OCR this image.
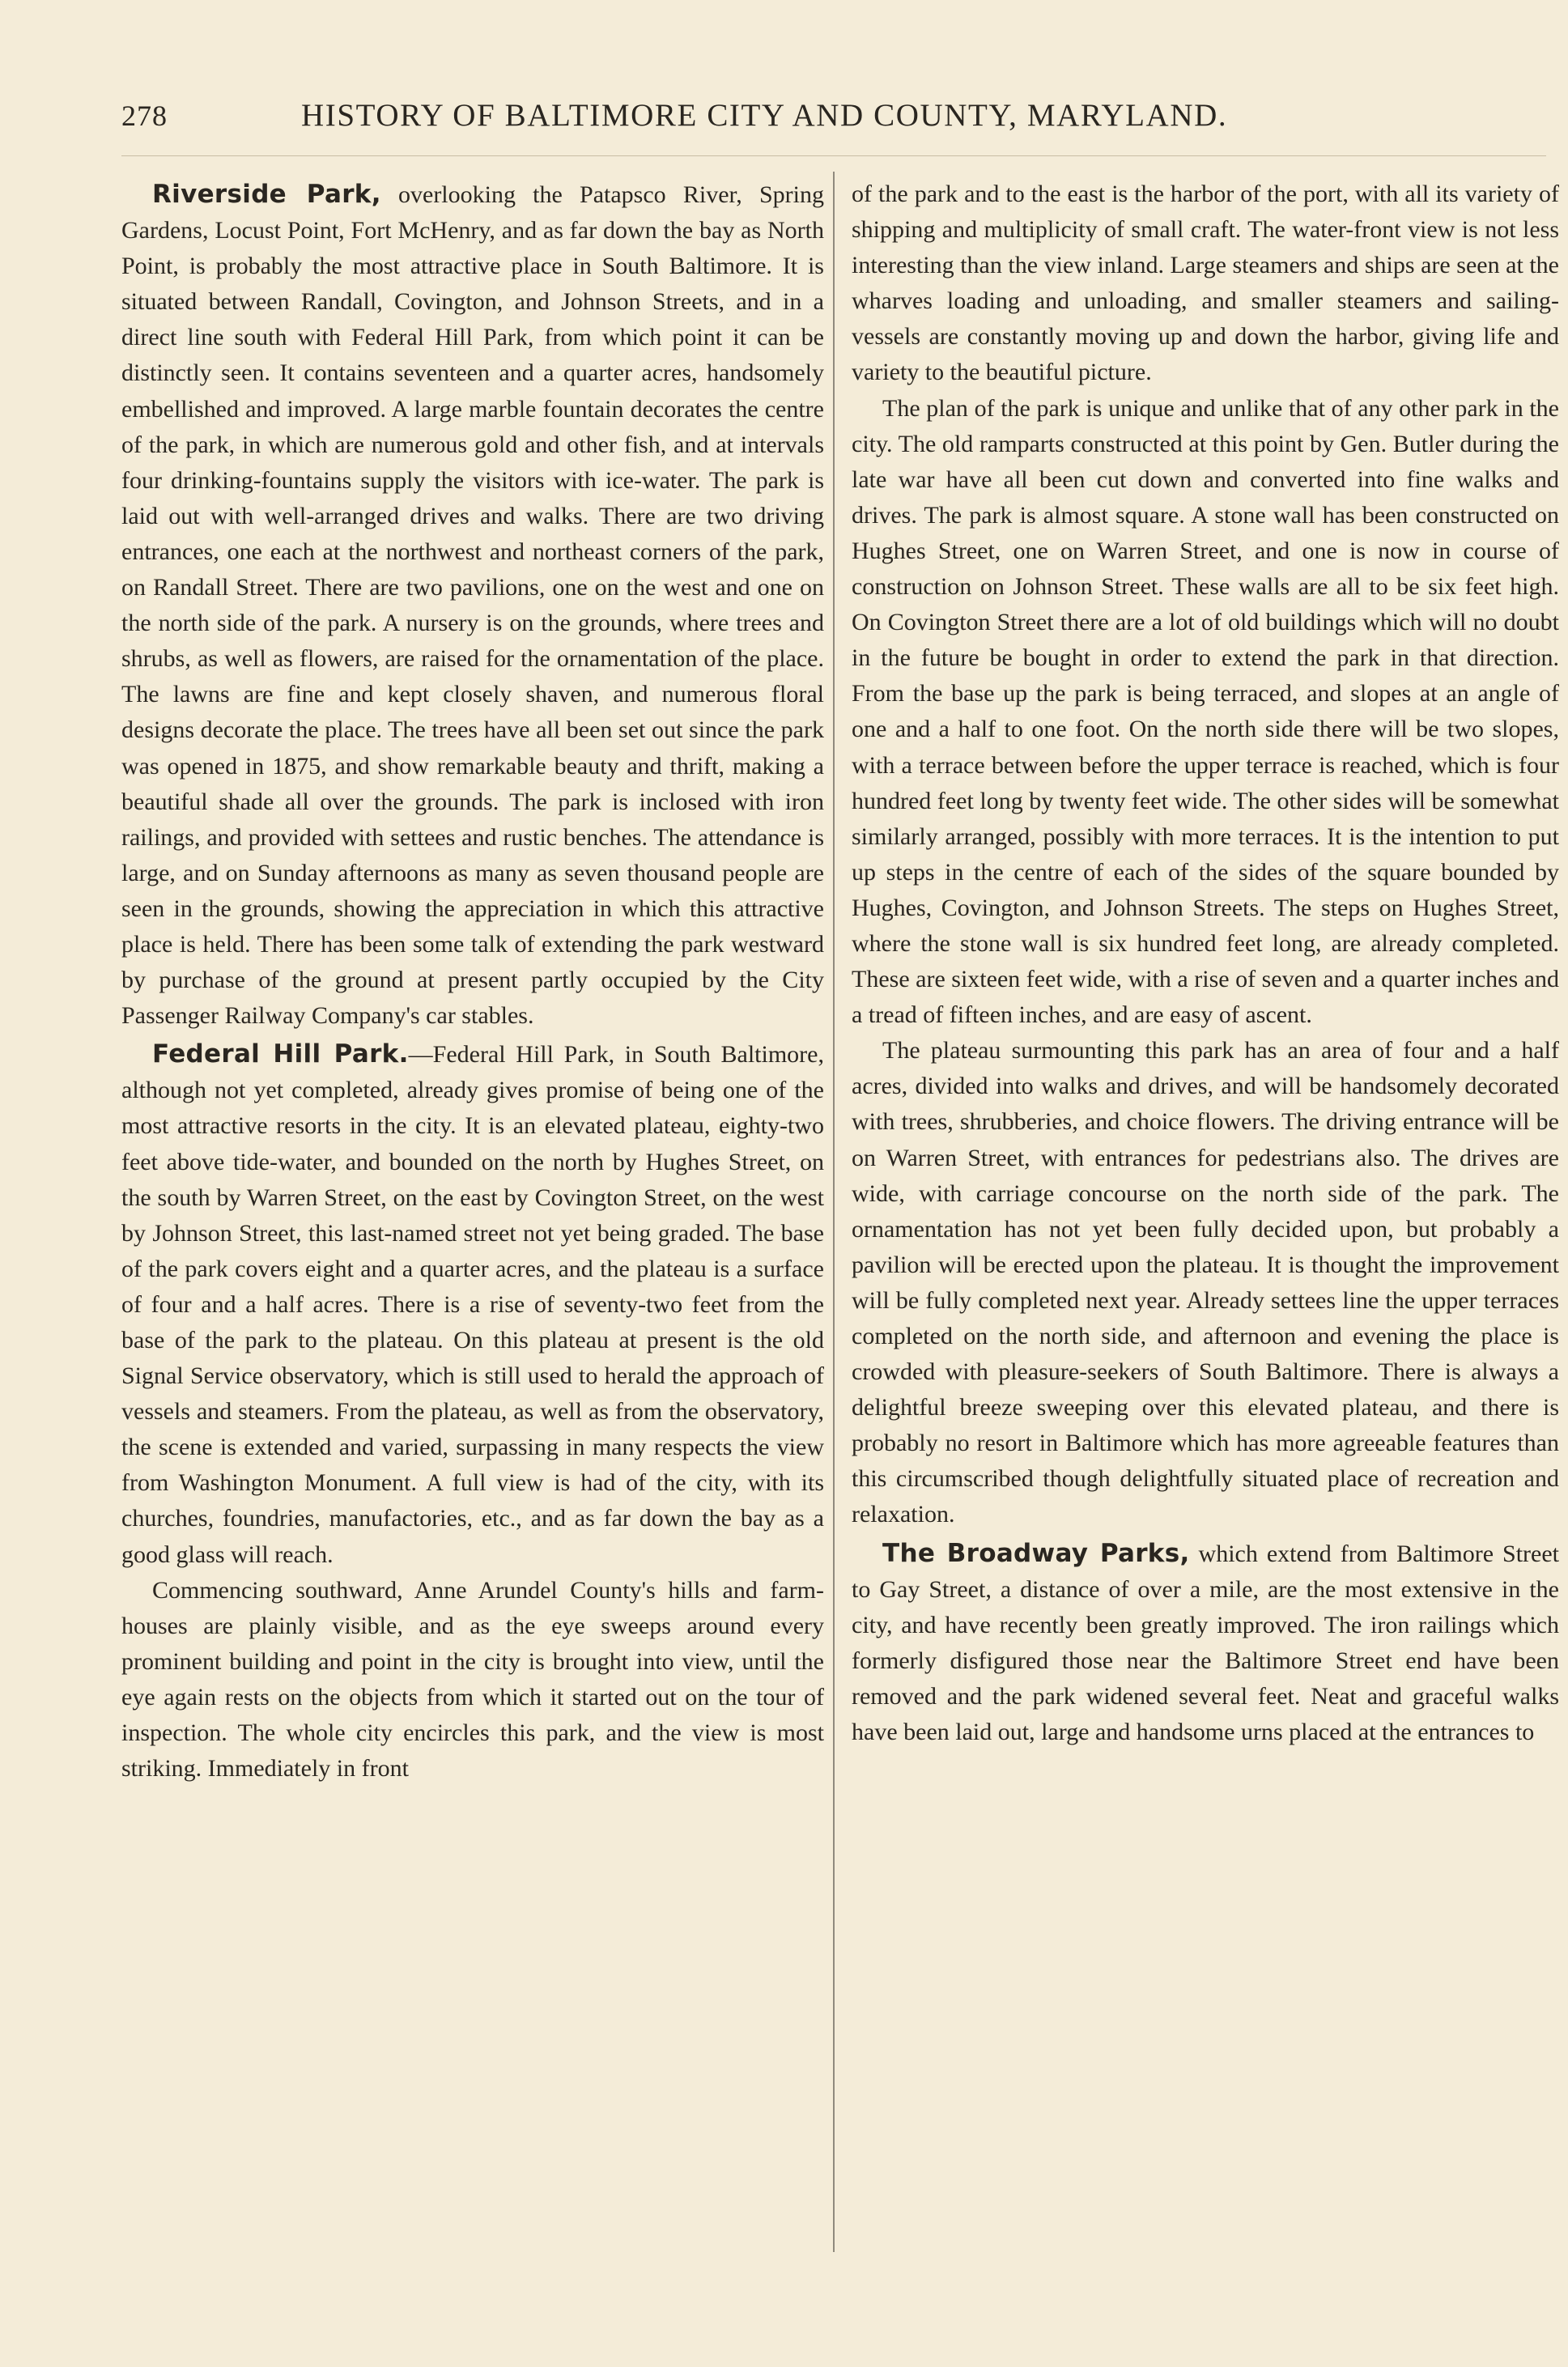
278	HISTORY OF BALTIMORE CITY AND COUNTY, MARYLAND.

Riverside Park, overlooking the Patapsco River, Spring Gardens, Locust Point, Fort McHenry, and as far down the bay as North Point, is probably the most attractive place in South Baltimore. It is situated between Randall, Covington, and Johnson Streets, and in a direct line south with Federal Hill Park, from which point it can be distinctly seen. It contains seventeen and a quarter acres, handsomely embellished and improved. A large marble fountain decorates the centre of the park, in which are numerous gold and other fish, and at intervals four drinking-fountains supply the visitors with ice-water. The park is laid out with well-arranged drives and walks. There are two driving entrances, one each at the northwest and northeast corners of the park, on Randall Street. There are two pavilions, one on the west and one on the north side of the park. A nursery is on the grounds, where trees and shrubs, as well as flowers, are raised for the ornamentation of the place. The lawns are fine and kept closely shaven, and numerous floral designs decorate the place. The trees have all been set out since the park was opened in 1875, and show remarkable beauty and thrift, making a beautiful shade all over the grounds. The park is inclosed with iron railings, and provided with settees and rustic benches. The attendance is large, and on Sunday afternoons as many as seven thousand people are seen in the grounds, showing the appreciation in which this attractive place is held. There has been some talk of extending the park westward by purchase of the ground at present partly occupied by the City Passenger Railway Company's car stables.

Federal Hill Park.—Federal Hill Park, in South Baltimore, although not yet completed, already gives promise of being one of the most attractive resorts in the city. It is an elevated plateau, eighty-two feet above tide-water, and bounded on the north by Hughes Street, on the south by Warren Street, on the east by Covington Street, on the west by Johnson Street, this last-named street not yet being graded. The base of the park covers eight and a quarter acres, and the plateau is a surface of four and a half acres. There is a rise of seventy-two feet from the base of the park to the plateau. On this plateau at present is the old Signal Service observatory, which is still used to herald the approach of vessels and steamers. From the plateau, as well as from the observatory, the scene is extended and varied, surpassing in many respects the view from Washington Monument. A full view is had of the city, with its churches, foundries, manufactories, etc., and as far down the bay as a good glass will reach.

Commencing southward, Anne Arundel County's hills and farm-houses are plainly visible, and as the eye sweeps around every prominent building and point in the city is brought into view, until the eye again rests on the objects from which it started out on the tour of inspection. The whole city encircles this park, and the view is most striking. Immediately in front

of the park and to the east is the harbor of the port, with all its variety of shipping and multiplicity of small craft. The water-front view is not less interesting than the view inland. Large steamers and ships are seen at the wharves loading and unloading, and smaller steamers and sailing-vessels are constantly moving up and down the harbor, giving life and variety to the beautiful picture.

The plan of the park is unique and unlike that of any other park in the city. The old ramparts constructed at this point by Gen. Butler during the late war have all been cut down and converted into fine walks and drives. The park is almost square. A stone wall has been constructed on Hughes Street, one on Warren Street, and one is now in course of construction on Johnson Street. These walls are all to be six feet high. On Covington Street there are a lot of old buildings which will no doubt in the future be bought in order to extend the park in that direction. From the base up the park is being terraced, and slopes at an angle of one and a half to one foot. On the north side there will be two slopes, with a terrace between before the upper terrace is reached, which is four hundred feet long by twenty feet wide. The other sides will be somewhat similarly arranged, possibly with more terraces. It is the intention to put up steps in the centre of each of the sides of the square bounded by Hughes, Covington, and Johnson Streets. The steps on Hughes Street, where the stone wall is six hundred feet long, are already completed. These are sixteen feet wide, with a rise of seven and a quarter inches and a tread of fifteen inches, and are easy of ascent.

The plateau surmounting this park has an area of four and a half acres, divided into walks and drives, and will be handsomely decorated with trees, shrubberies, and choice flowers. The driving entrance will be on Warren Street, with entrances for pedestrians also. The drives are wide, with carriage concourse on the north side of the park. The ornamentation has not yet been fully decided upon, but probably a pavilion will be erected upon the plateau. It is thought the improvement will be fully completed next year. Already settees line the upper terraces completed on the north side, and afternoon and evening the place is crowded with pleasure-seekers of South Baltimore. There is always a delightful breeze sweeping over this elevated plateau, and there is probably no resort in Baltimore which has more agreeable features than this circumscribed though delightfully situated place of recreation and relaxation.

The Broadway Parks, which extend from Baltimore Street to Gay Street, a distance of over a mile, are the most extensive in the city, and have recently been greatly improved. The iron railings which formerly disfigured those near the Baltimore Street end have been removed and the park widened several feet. Neat and graceful walks have been laid out, large and handsome urns placed at the entrances to
